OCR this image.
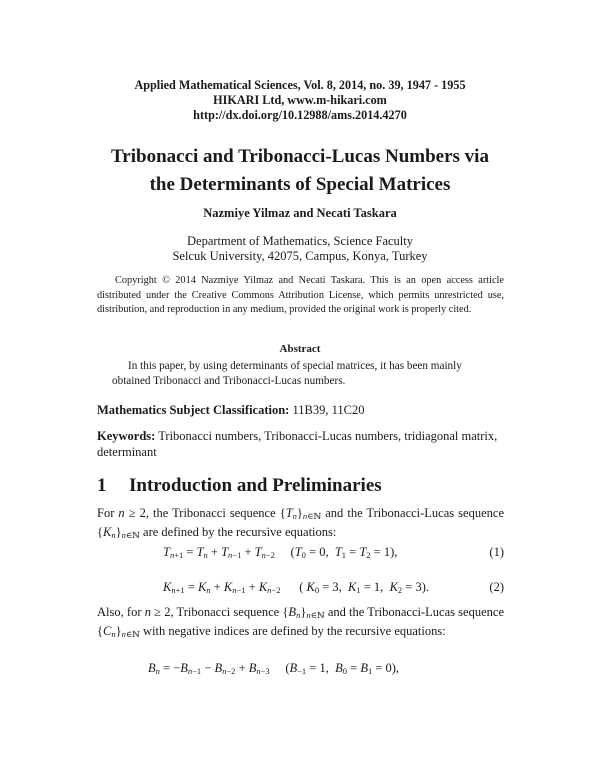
Applied Mathematical Sciences, Vol. 8, 2014, no. 39, 1947 - 1955
HIKARI Ltd, www.m-hikari.com
http://dx.doi.org/10.12988/ams.2014.4270
Tribonacci and Tribonacci-Lucas Numbers via
the Determinants of Special Matrices
Nazmiye Yilmaz and Necati Taskara
Department of Mathematics, Science Faculty
Selcuk University, 42075, Campus, Konya, Turkey
Copyright © 2014 Nazmiye Yilmaz and Necati Taskara. This is an open access article distributed under the Creative Commons Attribution License, which permits unrestricted use, distribution, and reproduction in any medium, provided the original work is properly cited.
Abstract
In this paper, by using determinants of special matrices, it has been mainly obtained Tribonacci and Tribonacci-Lucas numbers.
Mathematics Subject Classification: 11B39, 11C20
Keywords: Tribonacci numbers, Tribonacci-Lucas numbers, tridiagonal matrix, determinant
1 Introduction and Preliminaries
For n ≥ 2, the Tribonacci sequence $\{T_n\}_{n\in ℕ}$ and the Tribonacci-Lucas sequence $\{K_n\}_{n\in ℕ}$ are defined by the recursive equations:
$T_{n+1} = T_n + T_{n-1} + T_{n-2}$     ($T_0 = 0$,  $T_1 = T_2 = 1$),	(1)
$K_{n+1} = K_n + K_{n-1} + K_{n-2}$      ( $K_0 = 3$,  $K_1 = 1$,  $K_2 = 3$).	(2)
Also, for n ≥ 2, Tribonacci sequence $\{B_n\}_{n\in ℕ}$ and the Tribonacci-Lucas sequence $\{C_n\}_{n\in ℕ}$ with negative indices are defined by the recursive equations:
$B_n = -B_{n-1} - B_{n-2} + B_{n-3}$     ($B_{-1} = 1$,  $B_0 = B_1 = 0$),
